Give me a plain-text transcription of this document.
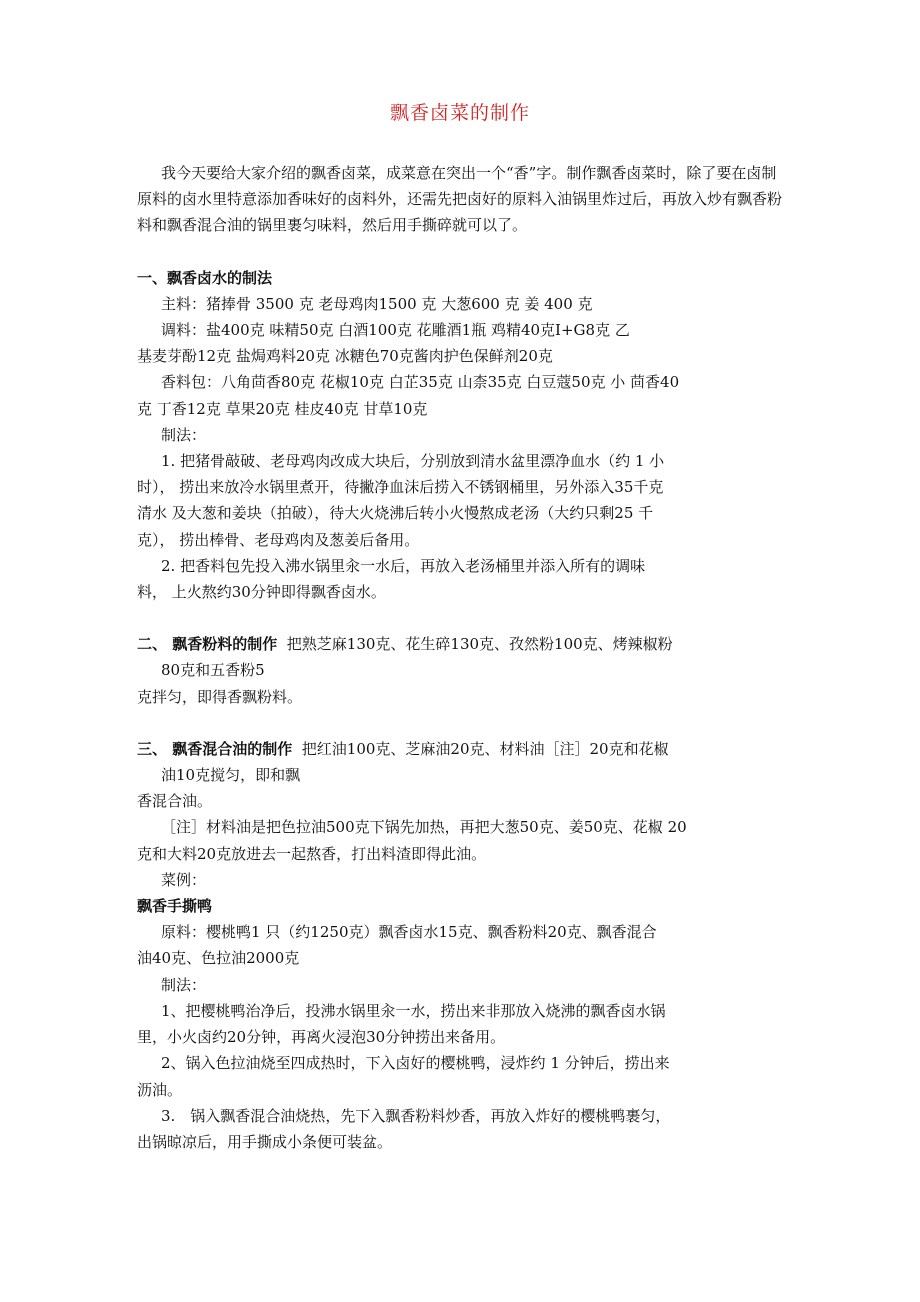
飘香卤菜的制作

我今天要给大家介绍的飘香卤菜，成菜意在突出一个“香”字。制作飘香卤菜时，除了要在卤制原料的卤水里特意添加香味好的卤料外，还需先把卤好的原料入油锅里炸过后，再放入炒有飘香粉料和飘香混合油的锅里裹匀味料，然后用手撕碎就可以了。

一、飘香卤水的制法

主料：猪捧骨 3500 克 老母鸡肉1500 克 大葱600 克 姜 400 克

调料：盐400克 味精50克 白酒100克 花雕酒1瓶 鸡精40克I+G8克 乙

基麦芽酚12克 盐焗鸡料20克 冰糖色70克酱肉护色保鲜剂20克

香料包：八角茴香80克 花椒10克 白芷35克 山柰35克 白豆蔻50克 小 茴香40

克 丁香12克 草果20克 桂皮40克 甘草10克

制法：

1. 把猪骨敲破、老母鸡肉改成大块后，分别放到清水盆里漂净血水（约 1 小

时）， 捞出来放冷水锅里煮开，待撇净血沫后捞入不锈钢桶里，另外添入35千克

清水 及大葱和姜块（拍破），待大火烧沸后转小火慢熬成老汤（大约只剩25 千

克）， 捞出棒骨、老母鸡肉及葱姜后备用。

2. 把香料包先投入沸水锅里汆一水后，再放入老汤桶里并添入所有的调味

料， 上火熬约30分钟即得飘香卤水。

二、 飘香粉料的制作 把熟芝麻130克、花生碎130克、孜然粉100克、烤辣椒粉

80克和五香粉5

克拌匀，即得香飘粉料。

三、 飘香混合油的制作 把红油100克、芝麻油20克、材料油［注］20克和花椒

油10克搅匀，即和飘

香混合油。

［注］材料油是把色拉油500克下锅先加热，再把大葱50克、姜50克、花椒 20

克和大料20克放进去一起熬香，打出料渣即得此油。

菜例：

飘香手撕鸭

原料：樱桃鸭1 只（约1250克）飘香卤水15克、飘香粉料20克、飘香混合

油40克、色拉油2000克

制法：

1、把樱桃鸭治净后，投沸水锅里汆一水，捞出来非那放入烧沸的飘香卤水锅

里，小火卤约20分钟，再离火浸泡30分钟捞出来备用。

2、锅入色拉油烧至四成热时，下入卤好的樱桃鸭，浸炸约 1 分钟后，捞出来

沥油。

3.　锅入飘香混合油烧热，先下入飘香粉料炒香，再放入炸好的樱桃鸭裹匀，

出锅晾凉后，用手撕成小条便可装盆。
